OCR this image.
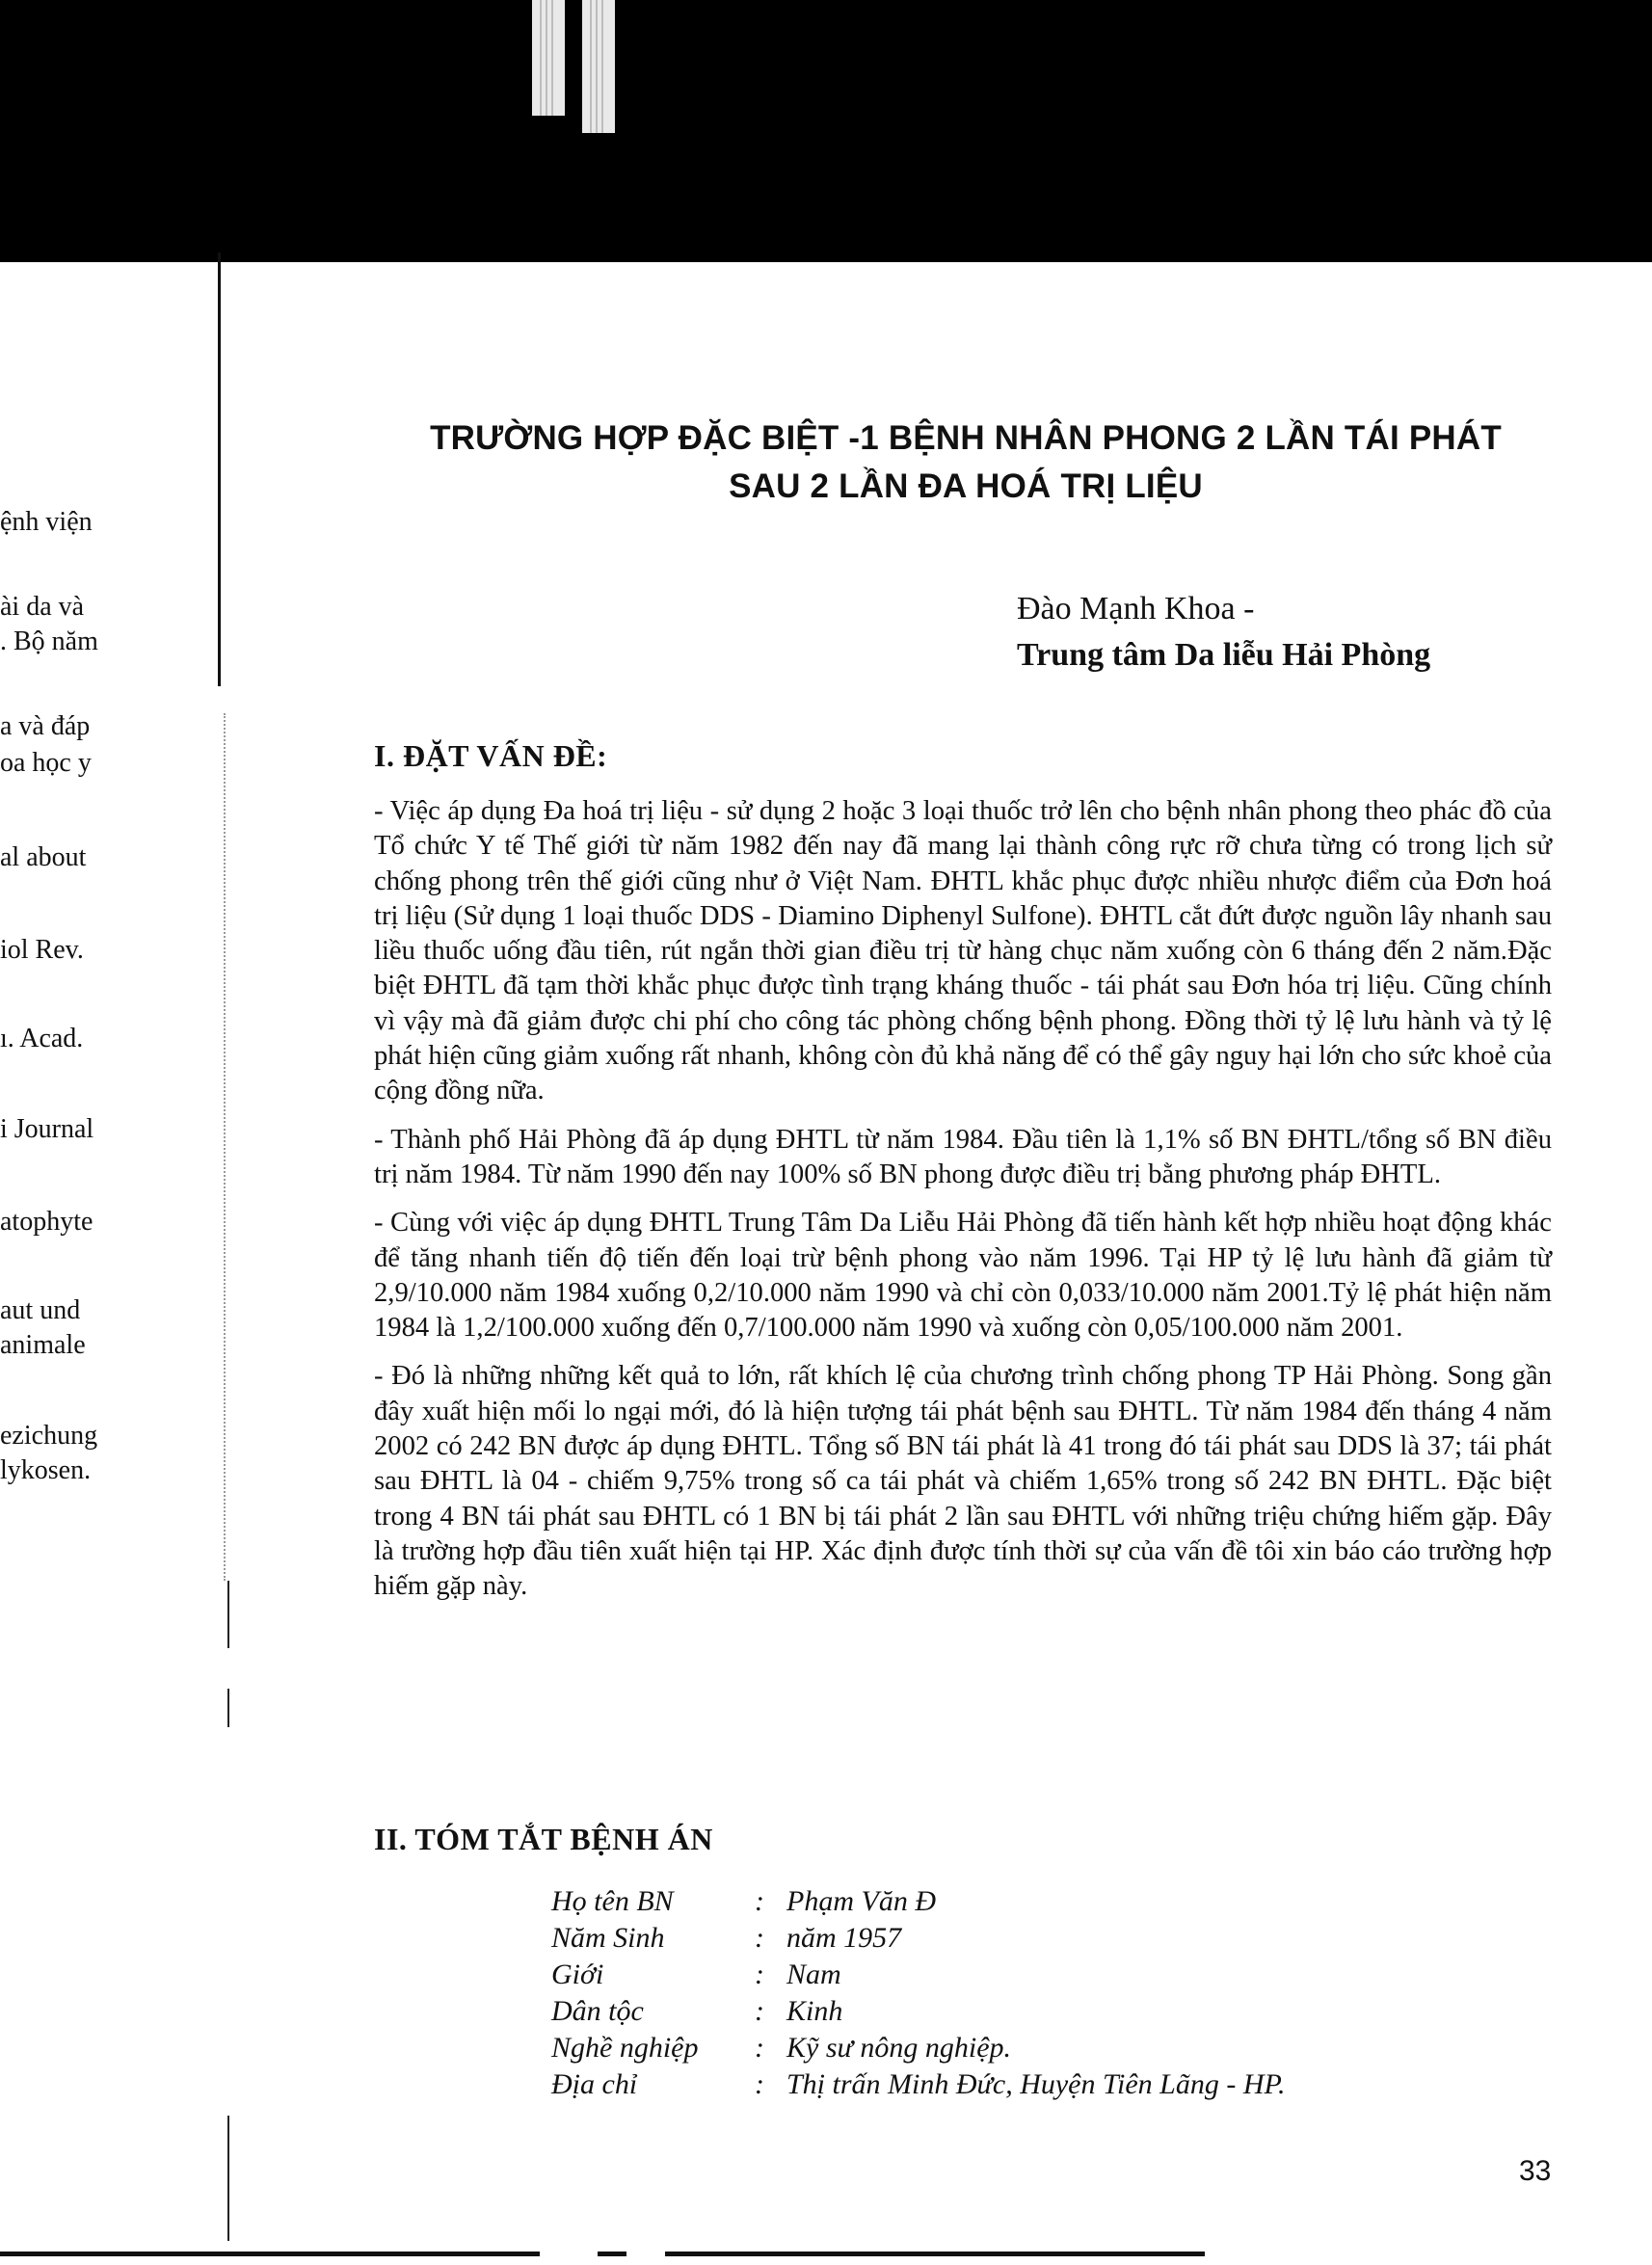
ệnh viện
ài da và
. Bộ năm
a và đáp
oa học y
al about
iol Rev.
ı. Acad.
i Journal
atophyte
aut und
animale
ezichung
lykosen.
TRƯỜNG HỢP ĐẶC BIỆT -1 BỆNH NHÂN PHONG 2 LẦN TÁI PHÁT
SAU 2 LẦN ĐA HOÁ TRỊ LIỆU
Đào Mạnh Khoa -
Trung tâm Da liễu Hải Phòng
I. ĐẶT VẤN ĐỀ:

- Việc áp dụng Đa hoá trị liệu - sử dụng 2 hoặc 3 loại thuốc trở lên cho bệnh nhân phong theo phác đồ của Tổ chức Y tế Thế giới từ năm 1982 đến nay đã mang lại thành công rực rỡ chưa từng có trong lịch sử chống phong trên thế giới cũng như ở Việt Nam. ĐHTL khắc phục được nhiều nhược điểm của Đơn hoá trị liệu (Sử dụng 1 loại thuốc DDS - Diamino Diphenyl Sulfone). ĐHTL cắt đứt được nguồn lây nhanh sau liều thuốc uống đầu tiên, rút ngắn thời gian điều trị từ hàng chục năm xuống còn 6 tháng đến 2 năm.Đặc biệt ĐHTL đã tạm thời khắc phục được tình trạng kháng thuốc - tái phát sau Đơn hóa trị liệu. Cũng chính vì vậy mà đã giảm được chi phí cho công tác phòng chống bệnh phong. Đồng thời tỷ lệ lưu hành và tỷ lệ phát hiện cũng giảm xuống rất nhanh, không còn đủ khả năng để có thể gây nguy hại lớn cho sức khoẻ của cộng đồng nữa.

- Thành phố Hải Phòng đã áp dụng ĐHTL từ năm 1984. Đầu tiên là 1,1% số BN ĐHTL/tổng số BN điều trị năm 1984. Từ năm 1990 đến nay 100% số BN phong được điều trị bằng phương pháp ĐHTL.

- Cùng với việc áp dụng ĐHTL Trung Tâm Da Liễu Hải Phòng đã tiến hành kết hợp nhiều hoạt động khác để tăng nhanh tiến độ tiến đến loại trừ bệnh phong vào năm 1996. Tại HP tỷ lệ lưu hành đã giảm từ 2,9/10.000 năm 1984 xuống 0,2/10.000 năm 1990 và chỉ còn 0,033/10.000 năm 2001.Tỷ lệ phát hiện năm 1984 là 1,2/100.000 xuống đến 0,7/100.000 năm 1990 và xuống còn 0,05/100.000 năm 2001.

- Đó là những những kết quả to lớn, rất khích lệ của chương trình chống phong TP Hải Phòng. Song gần đây xuất hiện mối lo ngại mới, đó là hiện tượng tái phát bệnh sau ĐHTL. Từ năm 1984 đến tháng 4 năm 2002 có 242 BN được áp dụng ĐHTL. Tổng số BN tái phát là 41 trong đó tái phát sau DDS là 37; tái phát sau ĐHTL là 04 - chiếm 9,75% trong số ca tái phát và chiếm 1,65% trong số 242 BN ĐHTL. Đặc biệt trong 4 BN tái phát sau ĐHTL có 1 BN bị tái phát 2 lần sau ĐHTL với những triệu chứng hiếm gặp. Đây là trường hợp đầu tiên xuất hiện tại HP. Xác định được tính thời sự của vấn đề tôi xin báo cáo trường hợp hiếm gặp này.

II. TÓM TẮT BỆNH ÁN
Họ tên BN	: Phạm Văn Đ
Năm Sinh	: năm 1957
Giới	: Nam
Dân tộc	: Kinh
Nghề nghiệp	: Kỹ sư nông nghiệp.
Địa chỉ	: Thị trấn Minh Đức, Huyện Tiên Lãng - HP.
33
